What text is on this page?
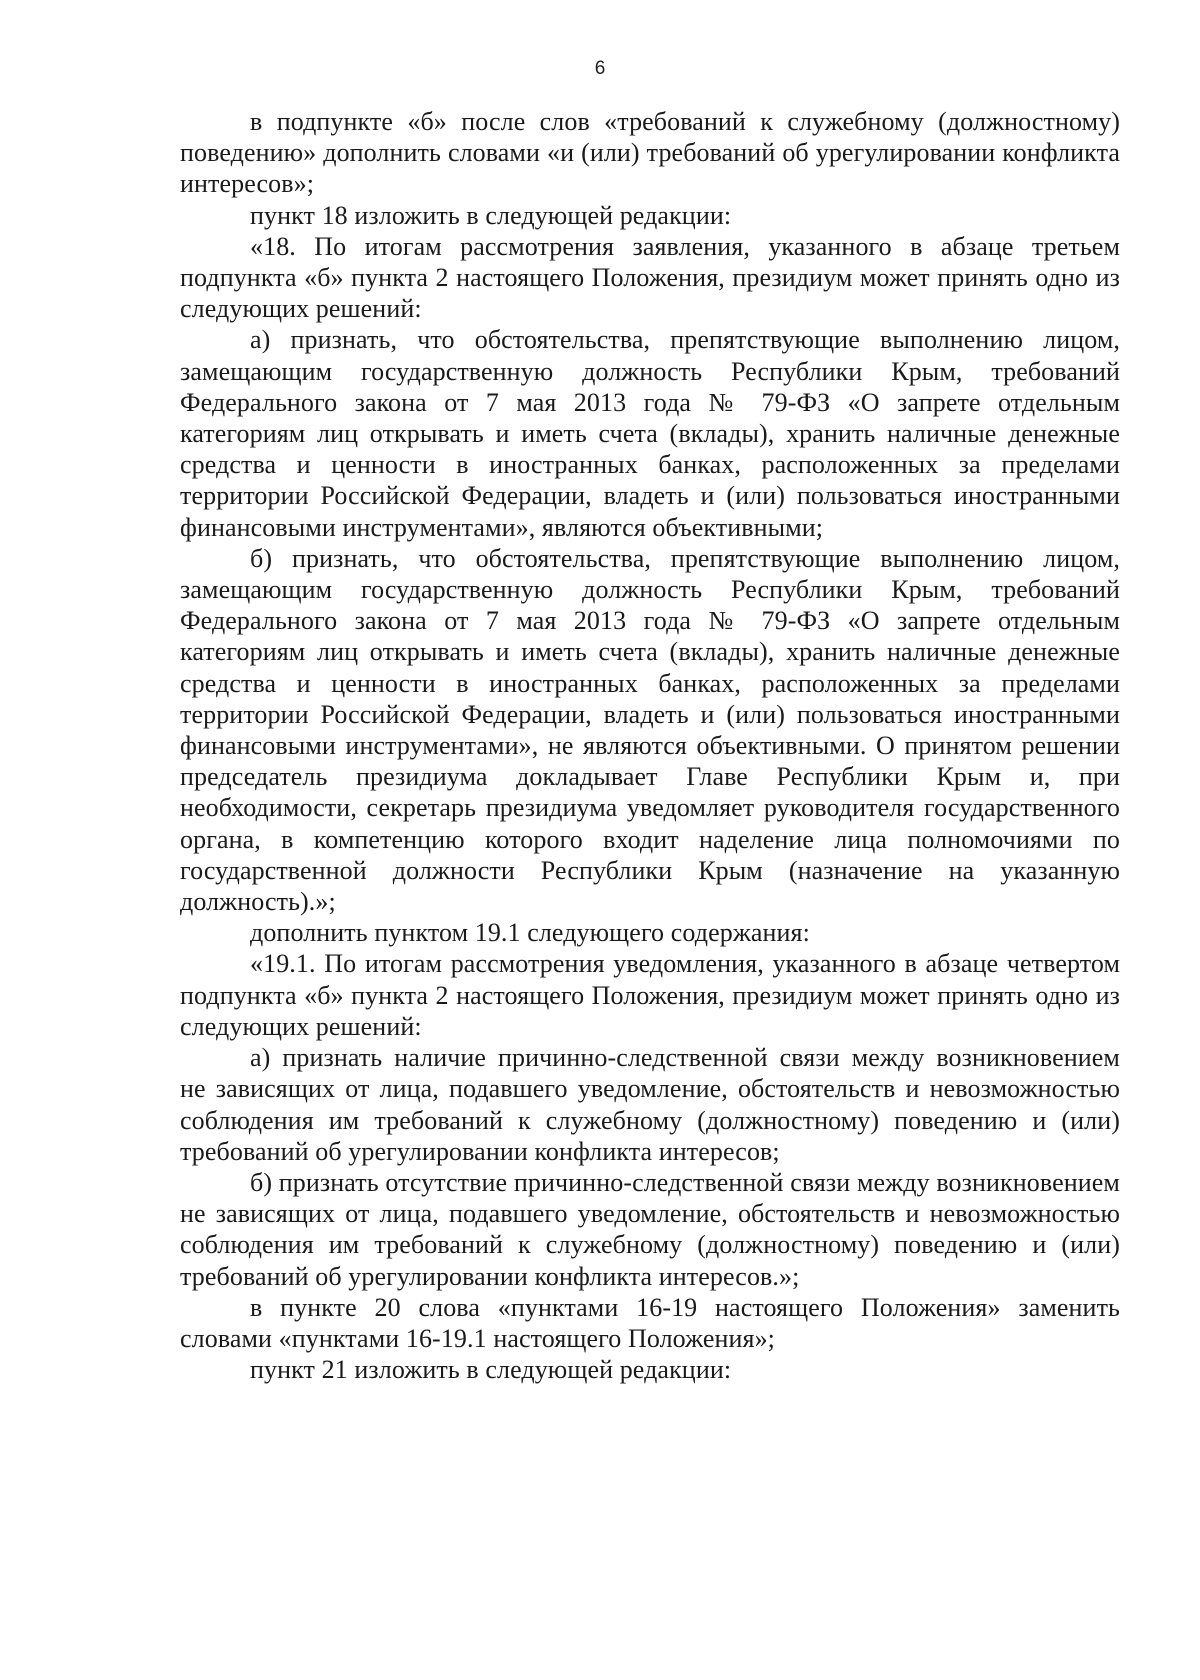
6

в подпункте «б» после слов «требований к служебному (должностному) поведению» дополнить словами «и (или) требований об урегулировании конфликта интересов»;

пункт 18 изложить в следующей редакции:

«18. По итогам рассмотрения заявления, указанного в абзаце третьем подпункта «б» пункта 2 настоящего Положения, президиум может принять одно из следующих решений:

а) признать, что обстоятельства, препятствующие выполнению лицом, замещающим государственную должность Республики Крым, требований Федерального закона от 7 мая 2013 года № 79-ФЗ «О запрете отдельным категориям лиц открывать и иметь счета (вклады), хранить наличные денежные средства и ценности в иностранных банках, расположенных за пределами территории Российской Федерации, владеть и (или) пользоваться иностранными финансовыми инструментами», являются объективными;

б) признать, что обстоятельства, препятствующие выполнению лицом, замещающим государственную должность Республики Крым, требований Федерального закона от 7 мая 2013 года № 79-ФЗ «О запрете отдельным категориям лиц открывать и иметь счета (вклады), хранить наличные денежные средства и ценности в иностранных банках, расположенных за пределами территории Российской Федерации, владеть и (или) пользоваться иностранными финансовыми инструментами», не являются объективными. О принятом решении председатель президиума докладывает Главе Республики Крым и, при необходимости, секретарь президиума уведомляет руководителя государственного органа, в компетенцию которого входит наделение лица полномочиями по государственной должности Республики Крым (назначение на указанную должность).»;

дополнить пунктом 19.1 следующего содержания:

«19.1. По итогам рассмотрения уведомления, указанного в абзаце четвертом подпункта «б» пункта 2 настоящего Положения, президиум может принять одно из следующих решений:

а) признать наличие причинно-следственной связи между возникновением не зависящих от лица, подавшего уведомление, обстоятельств и невозможностью соблюдения им требований к служебному (должностному) поведению и (или) требований об урегулировании конфликта интересов;

б) признать отсутствие причинно-следственной связи между возникновением не зависящих от лица, подавшего уведомление, обстоятельств и невозможностью соблюдения им требований к служебному (должностному) поведению и (или) требований об урегулировании конфликта интересов.»;

в пункте 20 слова «пунктами 16-19 настоящего Положения» заменить словами «пунктами 16-19.1 настоящего Положения»;

пункт 21 изложить в следующей редакции:
